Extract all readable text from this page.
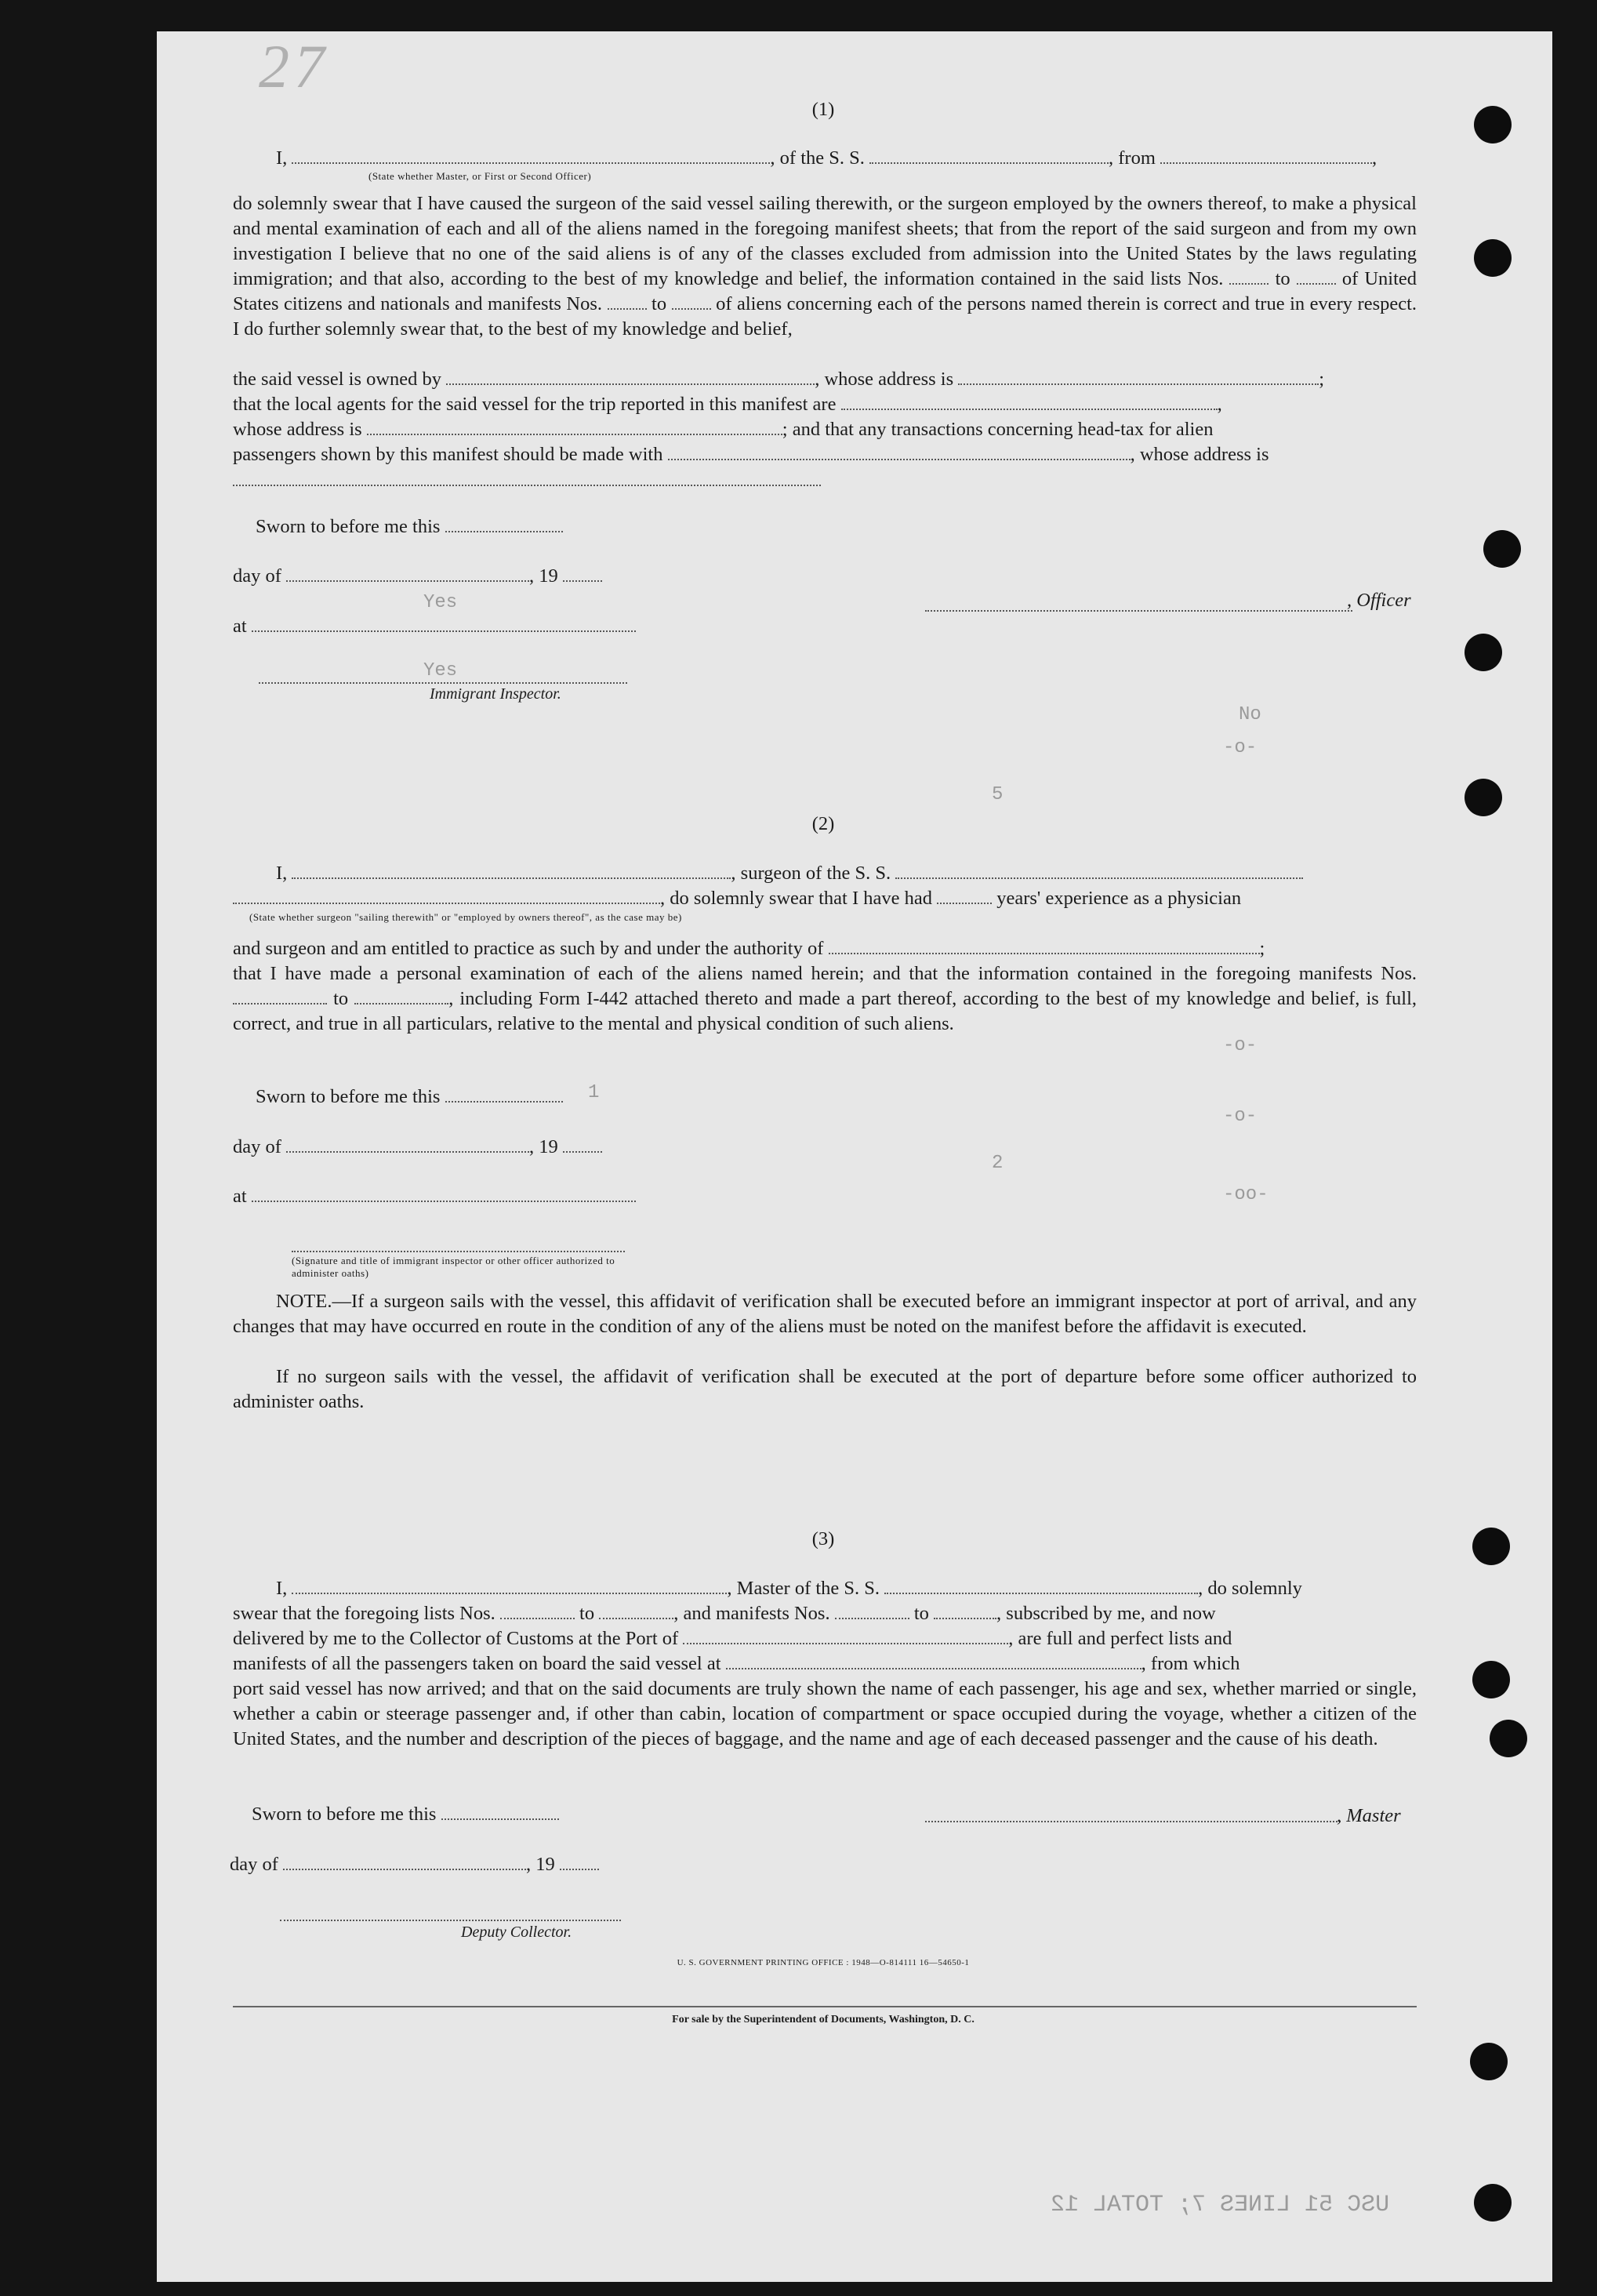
27
-o-
-o-
-o-
-oo-
Yes
Yes
No
1
2
5
USC 51 LINES 7; TOTAL 12
(1)
I,	, of the S. S.	, from	,
(State whether Master, or First or Second Officer)
do solemnly swear that I have caused the surgeon of the said vessel sailing therewith, or the surgeon employed by the owners thereof, to make a physical and mental examination of each and all of the aliens named in the foregoing manifest sheets; that from the report of the said surgeon and from my own investigation I believe that no one of the said aliens is of any of the classes excluded from admission into the United States by the laws regulating immigration; and that also, according to the best of my knowledge and belief, the information contained in the said lists Nos.	to	of United States citizens and nationals and manifests Nos.	to	of aliens concerning each of the persons named therein is correct and true in every respect. I do further solemnly swear that, to the best of my knowledge and belief,
the said vessel is owned by	, whose address is	;
that the local agents for the said vessel for the trip reported in this manifest are	,
whose address is	; and that any transactions concerning head-tax for alien
passengers shown by this manifest should be made with	, whose address is
Sworn to before me this
day of	, 19
at
, Officer
Immigrant Inspector.
(2)
I,	, surgeon of the S. S.
, do solemnly swear that I have had	years' experience as a physician
(State whether surgeon "sailing therewith" or "employed by owners thereof", as the case may be)
and surgeon and am entitled to practice as such by and under the authority of	;
that I have made a personal examination of each of the aliens named herein; and that the information contained in the foregoing manifests Nos.  to	, including Form I-442 attached thereto and made a part thereof, according to the best of my knowledge and belief, is full, correct, and true in all particulars, relative to the mental and physical condition of such aliens.
Sworn to before me this
day of	, 19
at
(Signature and title of immigrant inspector or other officer authorized to administer oaths)
NOTE.—If a surgeon sails with the vessel, this affidavit of verification shall be executed before an immigrant inspector at port of arrival, and any changes that may have occurred en route in the condition of any of the aliens must be noted on the manifest before the affidavit is executed.
If no surgeon sails with the vessel, the affidavit of verification shall be executed at the port of departure before some officer authorized to administer oaths.
(3)
I,	, Master of the S. S.	, do solemnly
swear that the foregoing lists Nos.	to	, and manifests Nos.	to	, subscribed by me, and now
delivered by me to the Collector of Customs at the Port of	, are full and perfect lists and
manifests of all the passengers taken on board the said vessel at	, from which
port said vessel has now arrived; and that on the said documents are truly shown the name of each passenger, his age and sex, whether married or single, whether a cabin or steerage passenger and, if other than cabin, location of compartment or space occupied during the voyage, whether a citizen of the United States, and the number and description of the pieces of baggage, and the name and age of each deceased passenger and the cause of his death.
Sworn to before me this	, Master
day of	, 19
Deputy Collector.
U. S. GOVERNMENT PRINTING OFFICE : 1948—O-814111 16—54650-1
For sale by the Superintendent of Documents, Washington, D. C.
